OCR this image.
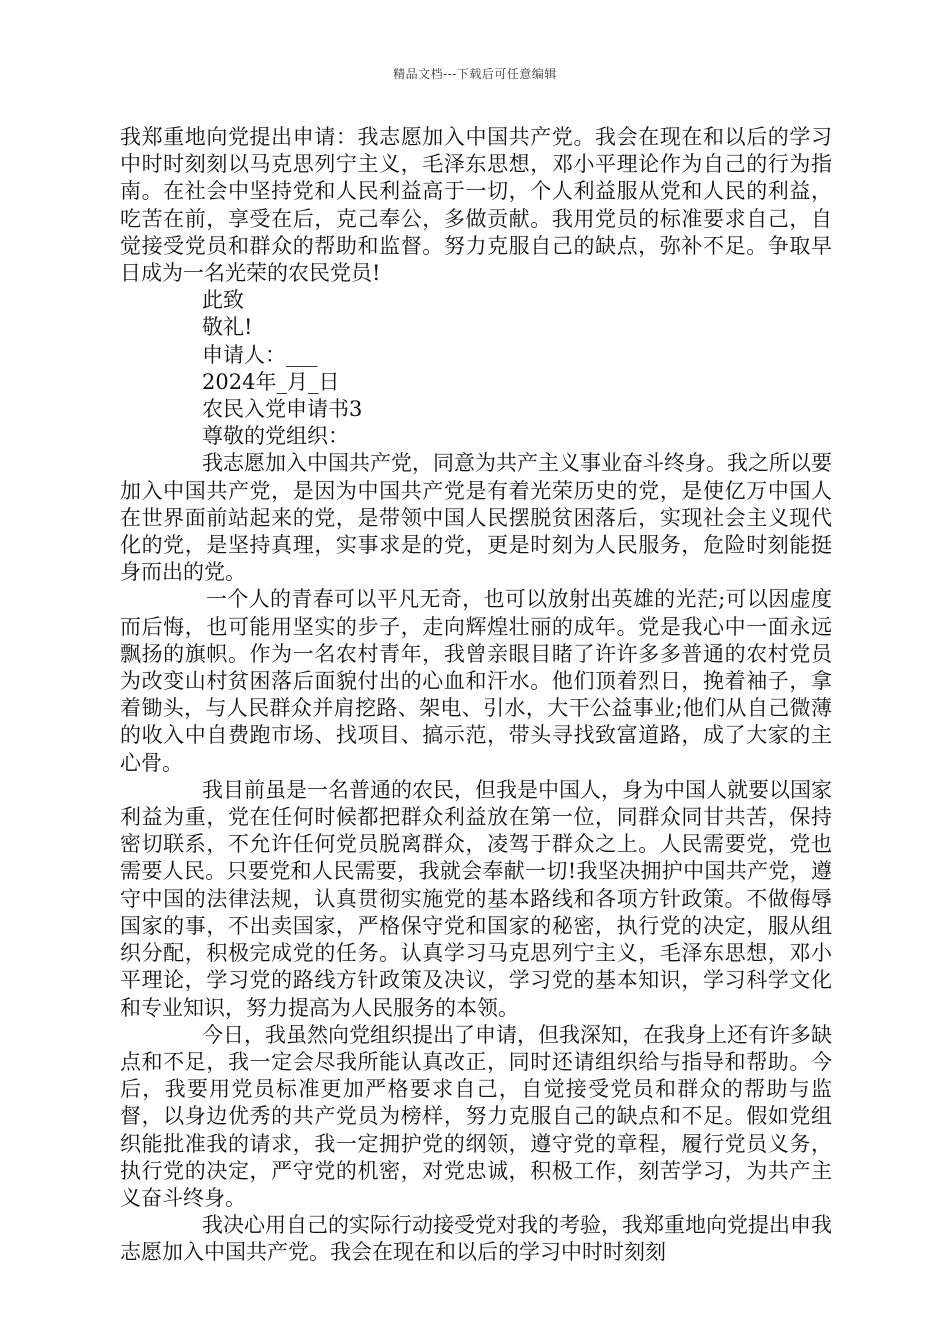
精品文档---下载后可任意编辑

我郑重地向党提出申请：我志愿加入中国共产党。我会在现在和以后的学习中时时刻刻以马克思列宁主义，毛泽东思想，邓小平理论作为自己的行为指南。在社会中坚持党和人民利益高于一切，个人利益服从党和人民的利益，吃苦在前，享受在后，克己奉公，多做贡献。我用党员的标准要求自己，自觉接受党员和群众的帮助和监督。努力克服自己的缺点，弥补不足。争取早日成为一名光荣的农民党员!

此致

敬礼!

申请人：___

2024年_月_日

农民入党申请书3

尊敬的党组织：

我志愿加入中国共产党，同意为共产主义事业奋斗终身。我之所以要加入中国共产党，是因为中国共产党是有着光荣历史的党，是使亿万中国人在世界面前站起来的党，是带领中国人民摆脱贫困落后，实现社会主义现代化的党，是坚持真理，实事求是的党，更是时刻为人民服务，危险时刻能挺身而出的党。

一个人的青春可以平凡无奇，也可以放射出英雄的光茫;可以因虚度而后悔，也可能用坚实的步子，走向辉煌壮丽的成年。党是我心中一面永远飘扬的旗帜。作为一名农村青年，我曾亲眼目睹了许许多多普通的农村党员为改变山村贫困落后面貌付出的心血和汗水。他们顶着烈日，挽着袖子，拿着锄头，与人民群众并肩挖路、架电、引水，大干公益事业;他们从自己微薄的收入中自费跑市场、找项目、搞示范，带头寻找致富道路，成了大家的主心骨。

我目前虽是一名普通的农民，但我是中国人，身为中国人就要以国家利益为重，党在任何时候都把群众利益放在第一位，同群众同甘共苦，保持密切联系，不允许任何党员脱离群众，凌驾于群众之上。人民需要党，党也需要人民。只要党和人民需要，我就会奉献一切!我坚决拥护中国共产党，遵守中国的法律法规，认真贯彻实施党的基本路线和各项方针政策。不做侮辱国家的事，不出卖国家，严格保守党和国家的秘密，执行党的决定，服从组织分配，积极完成党的任务。认真学习马克思列宁主义，毛泽东思想，邓小平理论，学习党的路线方针政策及决议，学习党的基本知识，学习科学文化和专业知识，努力提高为人民服务的本领。

今日，我虽然向党组织提出了申请，但我深知，在我身上还有许多缺点和不足，我一定会尽我所能认真改正，同时还请组织给与指导和帮助。今后，我要用党员标准更加严格要求自己，自觉接受党员和群众的帮助与监督，以身边优秀的共产党员为榜样，努力克服自己的缺点和不足。假如党组织能批准我的请求，我一定拥护党的纲领，遵守党的章程，履行党员义务，执行党的决定，严守党的机密，对党忠诚，积极工作，刻苦学习，为共产主义奋斗终身。

我决心用自己的实际行动接受党对我的考验，我郑重地向党提出申我志愿加入中国共产党。我会在现在和以后的学习中时时刻刻
